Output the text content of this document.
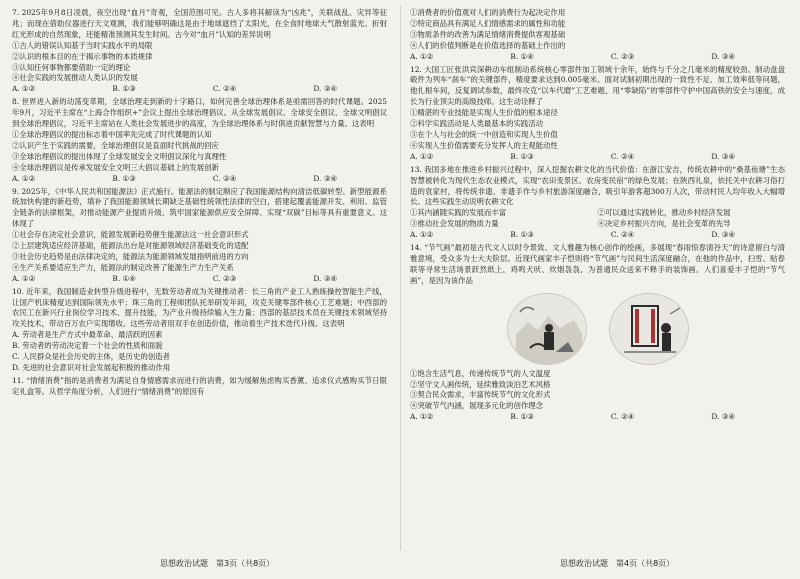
7. 2025年9月8日凌晨，夜空出现“血月”奇观，全国范围可见。古人多将其解读为“凶兆”，关联战乱、灾异等征兆；而现在借助仪器进行天文观测，我们能够明确这是由于地球遮挡了太阳光，在全食时地球大气散射蓝光、折射红光形成的自然现象，还能精准预测其发生时间。古今对“血月”认知的差异说明

①古人的错误认知基于当时实践水平的局限
②认识的根本目的在于揭示事物的本质规律
③认知任何事物都要借助一定的理论
④社会实践的发展推动人类认识的发展
A. ①②	B. ①③	C. ②④	D. ③④

8. 世界进入新的动荡变革期，全球治理走到新的十字路口，如何完善全球治理体系是亟需回答的时代课题。2025年9月，习近平主席在“上海合作组织+”会议上提出全球治理倡议。从全球发展倡议、全球安全倡议、全球文明倡议到全球治理倡议，习近平主席站在人类社会发展进步的高度，为全球治理体系与时俱进贡献智慧与力量。这表明

①全球治理倡议的提出标志着中国率先完成了时代课题的认知
②认识产生于实践的需要，全球治理倡议是直面时代挑战的回应
③全球治理倡议的提出体现了全球发展安全文明倡议深化与真理性
④全球治理倡议是传承发展安全文明三大倡议基础上的发展创新
A. ①②	B. ①③	C. ②④	D. ③④

9. 2025年，《中华人民共和国能源法》正式施行。能源法的制定顺应了我国能源结构向清洁低碳转型、新型能源系统加快构建的新趋势，填补了我国能源领域长期缺乏基础性统领性法律的空白，搭建起覆盖能源开发、利用、监管全链条的法律框架，对推动能源产业提质升级、筑牢国家能源供应安全屏障、实现“双碳”目标等具有重要意义。这体现了

①社会存在决定社会意识，能源发展新趋势催生能源法这一社会意识形式
②上层建筑适应经济基础，能源法出台是对能源领域经济基础变化的适配
③社会历史趋势是由法律决定的，能源法为能源领域发展指明前进的方向
④生产关系要适应生产力，能源法的制定改善了能源生产力生产关系
A. ①②	B. ①④	C. ②③	D. ③④

10. 近年来，我国制造业转型升级进程中，无数劳动者成为关键推动者：长三角的产业工人熟练操控智能生产线，让国产机床精度达到国际领先水平；珠三角的工程师团队托举研发年间，攻克关键零部件核心工艺难题；中西部的农民工在新兴行业岗位学习技术、提升技能，为产业升级持续输入生力量；西部的基层技术员在关键技术领域坚持攻关技术，带动百万农户实现增收。这些劳动者用双手在创造价值，推动着生产技术迭代升级。这表明

A. 劳动者是生产方式中最革命、最活跃的因素
B. 劳动者的劳动决定着一个社会的性质和面貌
C. 人民群众是社会历史的主体，是历史的创造者
D. 先进的社会意识对社会发展起积极的推动作用

11. “情绪消费”指的是消费者为满足自身情感需求而进行的消费，如为缓解焦虑购买香薰、追求仪式感购买节日限定礼盒等。从哲学角度分析，人们进行“情绪消费”的原因有

①消费者的价值观对人们的消费行为起决定作用
②特定商品具有满足人们情感需求的属性和功能
③物质条件的改善为满足情绪消费提供客观基础
④人们的价值判断是在价值选择的基础上作出的
A. ①②	B. ①④	C. ②③	D. ③④

12. 大国工匠张洪宾深耕动车组制动系统核心零部件加工领域十余年，始终与千分之几毫米的精度较劲。制动盘盘毂件为列车“刹车”的关键部件，精度要求达到0.005毫米。面对试制初期出现的一致性不足、加工效率低等问题，他扎根车间，反复调试参数，最终攻克“以车代磨”工艺难题，用“零缺陷”的零部件守护中国高铁的安全与速度，成长为行业顶尖的高级技师。这生动诠释了

①精湛的专业技能是实现人生价值的根本途径
②科学实践活动是人类最基本的实践活动
③在个人与社会的统一中创造和实现人生价值
④实现人生价值需要充分发挥人的主观能动性
A. ①②	B. ①③	C. ②④	D. ③④

13. 我国多地在推进乡村振兴过程中，深入挖掘农耕文化的当代价值：在浙江安吉，传统农耕中的“桑基鱼塘”生态智慧被转化为现代生态农业模式，实现“农田变景区、农房变民宿”的绿色发展；在陕西礼泉，依托关中农耕习俗打造的袁家村，将传统非遗、非遗手作与乡村旅游深度融合，吸引年游客超300万人次，带动村民人均年收入大幅增长。这些实践生动说明农耕文化

①其内涵随实践的发展而丰富	②可以通过实践转化，推动乡村经济发展
③推动社会发展的物质力量	④决定乡村振兴方向，是社会变革的先导
A. ①②	B. ①③	C. ②④	D. ③④

14. “节气画”最初是古代文人以时令景致、文人雅趣为核心创作的绘画，多展现“春雨惊春清谷天”的诗意留白与清雅意境，受众多为士大夫阶层。近现代画家丰子恺则将“节气画”与民间生活深度融合，在他的作品中，扫雪、贴春联等寻常生活场景跃然纸上，鸡鸣犬吠、炊烟袅袅，为普通民众送来不释手的装饰画。人们喜爱丰子恺的“节气画”，是因为该作品

①饱含生活气息，传递传统节气的人文温度
②坚守文人画传统，延续雅致淡泊艺术风格
③契合民众需求，丰富传统节气的文化形式
④突破节气内涵，展现多元化的创作理念
A. ①②	B. ①③	C. ②④	D. ③④
思想政治试题　第3页（共8页）	思想政治试题　第4页（共8页）
